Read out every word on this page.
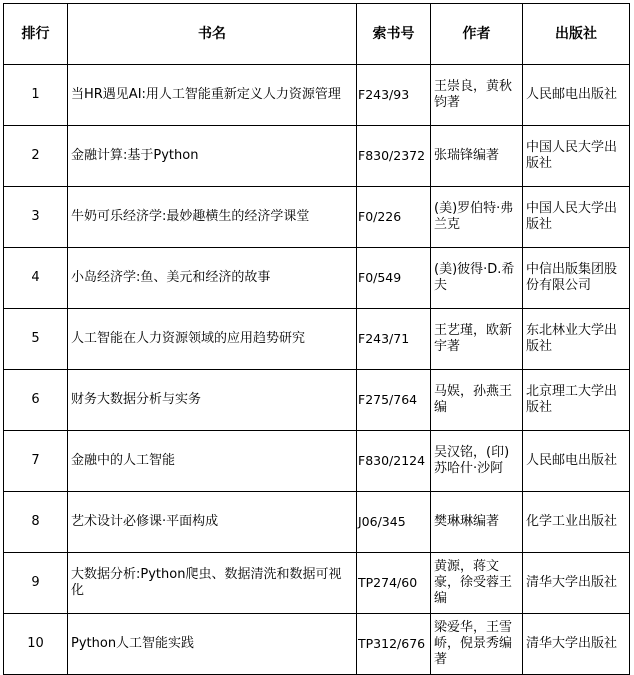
排行	书名	索书号	作者	出版社
1	当HR遇见AI:用人工智能重新定义人力资源管理	F243/93	王崇良，黄秋钧著	人民邮电出版社
2	金融计算:基于Python	F830/2372	张瑞锋编著	中国人民大学出版社
3	牛奶可乐经济学:最妙趣横生的经济学课堂	F0/226	(美)罗伯特·弗兰克	中国人民大学出版社
4	小岛经济学:鱼、美元和经济的故事	F0/549	(美)彼得·D.希夫	中信出版集团股份有限公司
5	人工智能在人力资源领域的应用趋势研究	F243/71	王艺瑾，欧新宇著	东北林业大学出版社
6	财务大数据分析与实务	F275/764	马娱，孙燕王编	北京理工大学出版社
7	金融中的人工智能	F830/2124	吴汉铭，(印)苏哈什·沙阿	人民邮电出版社
8	艺术设计必修课·平面构成	J06/345	樊琳琳编著	化学工业出版社
9	大数据分析:Python爬虫、数据清洗和数据可视化	TP274/60	黄源，蒋文豪，徐受蓉王编	清华大学出版社
10	Python人工智能实践	TP312/676	梁爱华，王雪峤，倪景秀编著	清华大学出版社
